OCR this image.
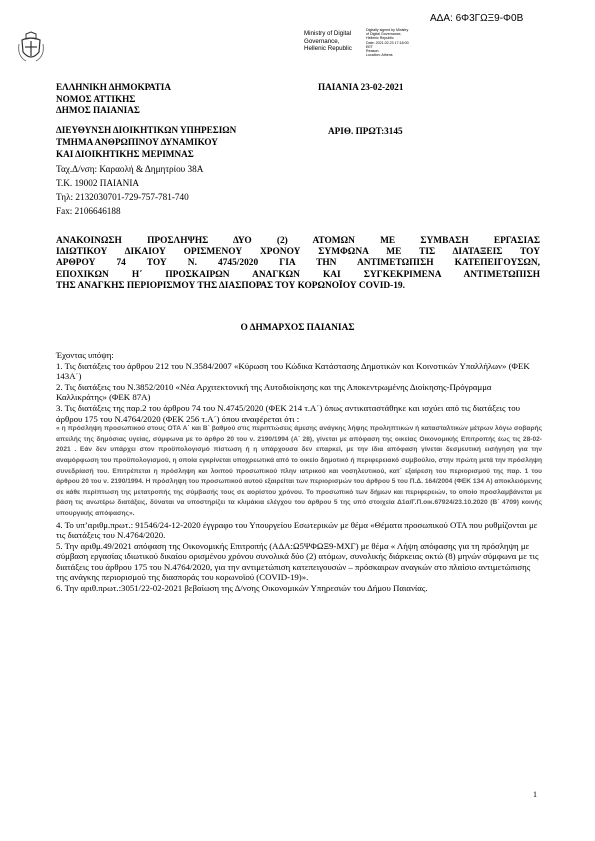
ΑΔΑ: 6Φ3ΓΩΞ9-Φ0Β
Ministry of Digital
Governance,
Hellenic Republic
Digitally signed by Ministry
of Digital Governance,
Hellenic Republic
Date: 2021.02.23 17:18:00
EET
Reason:
Location: Athens
ΕΛΛΗΝΙΚΗ ΔΗΜΟΚΡΑΤΙΑ
ΝΟΜΟΣ ΑΤΤΙΚΗΣ
ΔΗΜΟΣ ΠΑΙΑΝΙΑΣ
ΔΙΕΥΘΥΝΣΗ ΔΙΟΙΚΗΤΙΚΩΝ ΥΠΗΡΕΣΙΩΝ
ΤΜΗΜΑ ΑΝΘΡΩΠΙΝΟΥ ΔΥΝΑΜΙΚΟΥ
ΚΑΙ ΔΙΟΙΚΗΤΙΚΗΣ ΜΕΡΙΜΝΑΣ
Ταχ.Δ/νση: Καραολή & Δημητρίου 38Α
Τ.Κ. 19002 ΠΑΙΑΝΙΑ
Τηλ: 2132030701-729-757-781-740
Fax: 2106646188
ΠΑΙΑΝΙΑ 23-02-2021
ΑΡΙΘ. ΠΡΩΤ:3145
ΑΝΑΚΟΙΝΩΣΗ ΠΡΟΣΛΗΨΗΣ ΔΥΟ (2) ΑΤΟΜΩΝ ΜΕ ΣΥΜΒΑΣΗ ΕΡΓΑΣΙΑΣ
ΙΔΙΩΤΙΚΟΥ ΔΙΚΑΙΟΥ ΟΡΙΣΜΕΝΟΥ ΧΡΟΝΟΥ ΣΥΜΦΩΝΑ ΜΕ ΤΙΣ ΔΙΑΤΑΞΕΙΣ ΤΟΥ
ΑΡΘΡΟΥ 74 ΤΟΥ Ν. 4745/2020 ΓΙΑ ΤΗΝ ΑΝΤΙΜΕΤΩΠΙΣΗ ΚΑΤΕΠΕΙΓΟΥΣΩΝ,
ΕΠΟΧΙΚΩΝ Η΄ ΠΡΟΣΚΑΙΡΩΝ ΑΝΑΓΚΩΝ ΚΑΙ ΣΥΓΚΕΚΡΙΜΕΝΑ ΑΝΤΙΜΕΤΩΠΙΣΗ
ΤΗΣ ΑΝΑΓΚΗΣ ΠΕΡΙΟΡΙΣΜΟΥ ΤΗΣ ΔΙΑΣΠΟΡΑΣ ΤΟΥ ΚΟΡΩΝΟΪΟΥ COVID-19.
Ο ΔΗΜΑΡΧΟΣ ΠΑΙΑΝΙΑΣ

Έχοντας υπόψη:

1. Τις διατάξεις του άρθρου 212 του Ν.3584/2007 «Κύρωση του Κώδικα Κατάστασης Δημοτικών και Κοινοτικών Υπαλλήλων» (ΦΕΚ 143Α΄)

2. Τις διατάξεις του Ν.3852/2010 «Νέα Αρχιτεκτονική της Αυτοδιοίκησης και της Αποκεντρωμένης Διοίκησης-Πρόγραμμα Καλλικράτης» (ΦΕΚ 87Α)

3. Τις διατάξεις της παρ.2 του άρθρου 74 του Ν.4745/2020 (ΦΕΚ 214 τ.Α΄) όπως αντικαταστάθηκε και ισχύει από τις διατάξεις του άρθρου 175 του Ν.4764/2020 (ΦΕΚ 256 τ.Α΄) όπου αναφέρεται ότι :

« η πρόσληψη προσωπικού στους ΟΤΑ Α΄ και Β΄ βαθμού στις περιπτώσεις άμεσης ανάγκης λήψης προληπτικών ή κατασταλτικών μέτρων λόγω σοβαρής απειλής της δημόσιας υγείας, σύμφωνα με το άρθρο 20 του ν. 2190/1994 (Α΄ 28), γίνεται με απόφαση της οικείας Οικονομικής Επιτροπής έως τις 28-02-2021 . Εάν δεν υπάρχει στον προϋπολογισμό πίστωση ή η υπάρχουσα δεν επαρκεί, με την ίδια απόφαση γίνεται δεσμευτική εισήγηση για την αναμόρφωση του προϋπολογισμού, η οποία εγκρίνεται υποχρεωτικά από το οικείο δημοτικό ή περιφερειακό συμβούλιο, στην πρώτη μετά την πρόσληψη συνεδρίασή του. Επιτρέπεται η πρόσληψη και λοιπού προσωπικού πλην ιατρικού και νοσηλευτικού, κατ΄ εξαίρεση του περιορισμού της παρ. 1 του άρθρου 20 του ν. 2190/1994. Η πρόσληψη του προσωπικού αυτού εξαιρείται των περιορισμών του άρθρου 5 του Π.Δ. 164/2004 (ΦΕΚ 134 Α) αποκλειόμενης σε κάθε περίπτωση της μετατροπής της σύμβασής τους σε αορίστου χρόνου. Το προσωπικό των δήμων και περιφερειών, το οποίο προσλαμβάνεται με βάση τις ανωτέρω διατάξεις, δύναται να υποστηρίζει τα κλιμάκια ελέγχου του άρθρου 5 της υπό στοιχεία Δ1α/Γ.Π.οικ.67924/23.10.2020 (Β΄ 4709) κοινής υπουργικής απόφασης».

4. Το υπ’αριθμ.πρωτ.: 91546/24-12-2020 έγγραφο του Υπουργείου Εσωτερικών με θέμα «Θέματα προσωπικού ΟΤΑ που ρυθμίζονται με τις διατάξεις του Ν.4764/2020.

5. Την αριθμ.49/2021 απόφαση της Οικονομικής Επιτροπής (ΑΔΑ:Ω5ΨΦΩΞ9-ΜΧΓ) με θέμα « Λήψη απόφασης για τη πρόσληψη με σύμβαση εργασίας ιδιωτικού δικαίου ορισμένου χρόνου συνολικά δύο (2) ατόμων, συνολικής διάρκειας οκτώ (8) μηνών σύμφωνα με τις διατάξεις του άρθρου 175 του Ν.4764/2020, για την αντιμετώπιση κατεπειγουσών – πρόσκαιρων αναγκών στο πλαίσιο αντιμετώπισης της ανάγκης περιορισμού της διασποράς του κορωνοϊού (COVID-19)».

6. Την αριθ.πρωτ.:3051/22-02-2021 βεβαίωση της Δ/νσης Οικονομικών Υπηρεσιών του Δήμου Παιανίας.

1
